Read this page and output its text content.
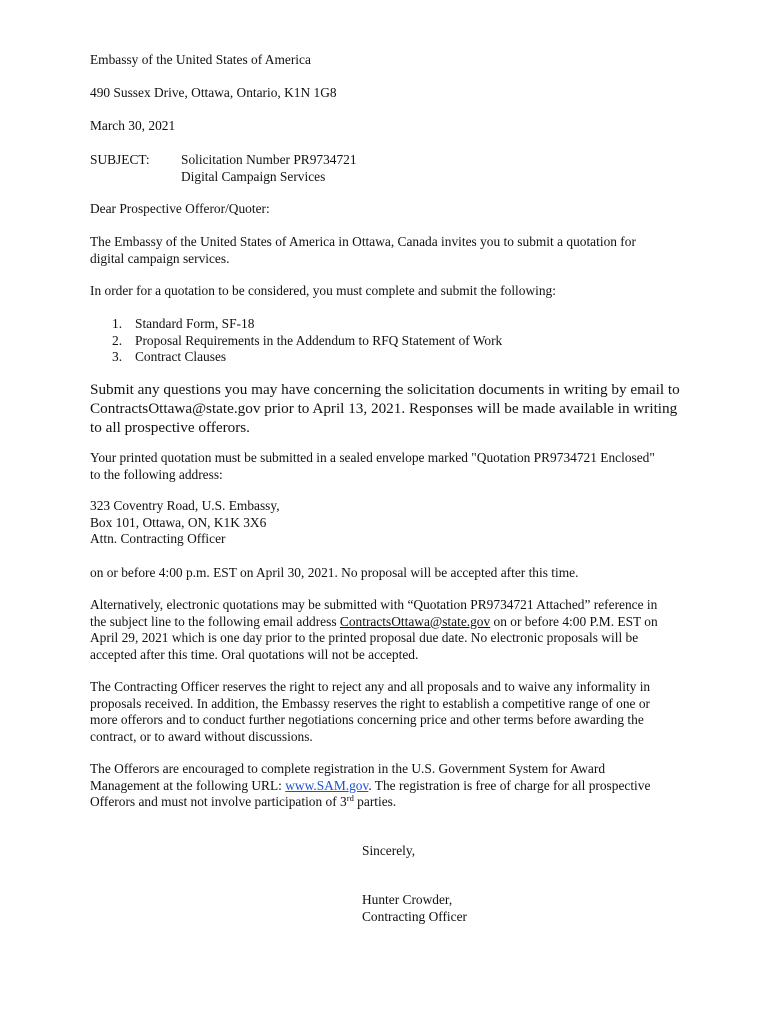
Embassy of the United States of America

490 Sussex Drive, Ottawa, Ontario, K1N 1G8

March 30, 2021

SUBJECT: Solicitation Number PR9734721
Digital Campaign Services

Dear Prospective Offeror/Quoter:

The Embassy of the United States of America in Ottawa, Canada invites you to submit a quotation for
digital campaign services.

In order for a quotation to be considered, you must complete and submit the following:

1. Standard Form, SF-18
2. Proposal Requirements in the Addendum to RFQ Statement of Work
3. Contract Clauses

Submit any questions you may have concerning the solicitation documents in writing by email to
ContractsOttawa@state.gov prior to April 13, 2021. Responses will be made available in writing
to all prospective offerors.

Your printed quotation must be submitted in a sealed envelope marked "Quotation PR9734721 Enclosed"
to the following address:

323 Coventry Road, U.S. Embassy,
Box 101, Ottawa, ON, K1K 3X6
Attn. Contracting Officer

on or before 4:00 p.m. EST on April 30, 2021. No proposal will be accepted after this time.

Alternatively, electronic quotations may be submitted with “Quotation PR9734721 Attached” reference in
the subject line to the following email address ContractsOttawa@state.gov on or before 4:00 P.M. EST on
April 29, 2021 which is one day prior to the printed proposal due date. No electronic proposals will be
accepted after this time. Oral quotations will not be accepted.

The Contracting Officer reserves the right to reject any and all proposals and to waive any informality in
proposals received. In addition, the Embassy reserves the right to establish a competitive range of one or
more offerors and to conduct further negotiations concerning price and other terms before awarding the
contract, or to award without discussions.

The Offerors are encouraged to complete registration in the U.S. Government System for Award
Management at the following URL: www.SAM.gov. The registration is free of charge for all prospective
Offerors and must not involve participation of 3rd parties.

Sincerely,

Hunter Crowder,
Contracting Officer
